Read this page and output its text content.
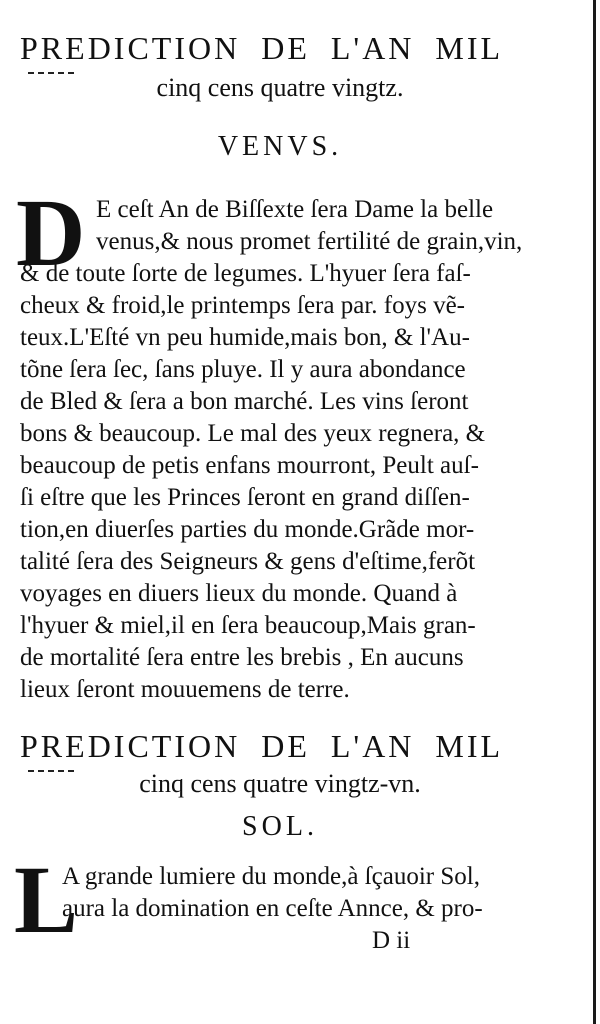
PREDICTION DE L'AN MIL
cinq cens quatre vingtz.
VENVS.
D E ceſt An de Biſſexte ſera Dame la belle
venus,& nous promet fertilité de grain,vin,
& de toute ſorte de legumes. L'hyuer ſera faſ-
cheux & froid,le printemps ſera par. foys vẽ-
teux.L'Eſté vn peu humide,mais bon, & l'Au-
tõne ſera ſec, ſans pluye. Il y aura abondance
de Bled & ſera a bon marché. Les vins ſeront
bons & beaucoup. Le mal des yeux regnera, &
beaucoup de petis enfans mourront, Peult auſ-
ſi eſtre que les Princes ſeront en grand diſſen-
tion,en diuerſes parties du monde.Grãde mor-
talité ſera des Seigneurs & gens d'eſtime,ferõt
voyages en diuers lieux du monde. Quand à
l'hyuer & miel,il en ſera beaucoup,Mais gran-
de mortalité ſera entre les brebis , En aucuns
lieux ſeront mouuemens de terre.
PREDICTION DE L'AN MIL
cinq cens quatre vingtz-vn.
SOL.
L
A grande lumiere du monde,à ſçauoir Sol,
aura la domination en ceſte Annce, & pro-
D ii
